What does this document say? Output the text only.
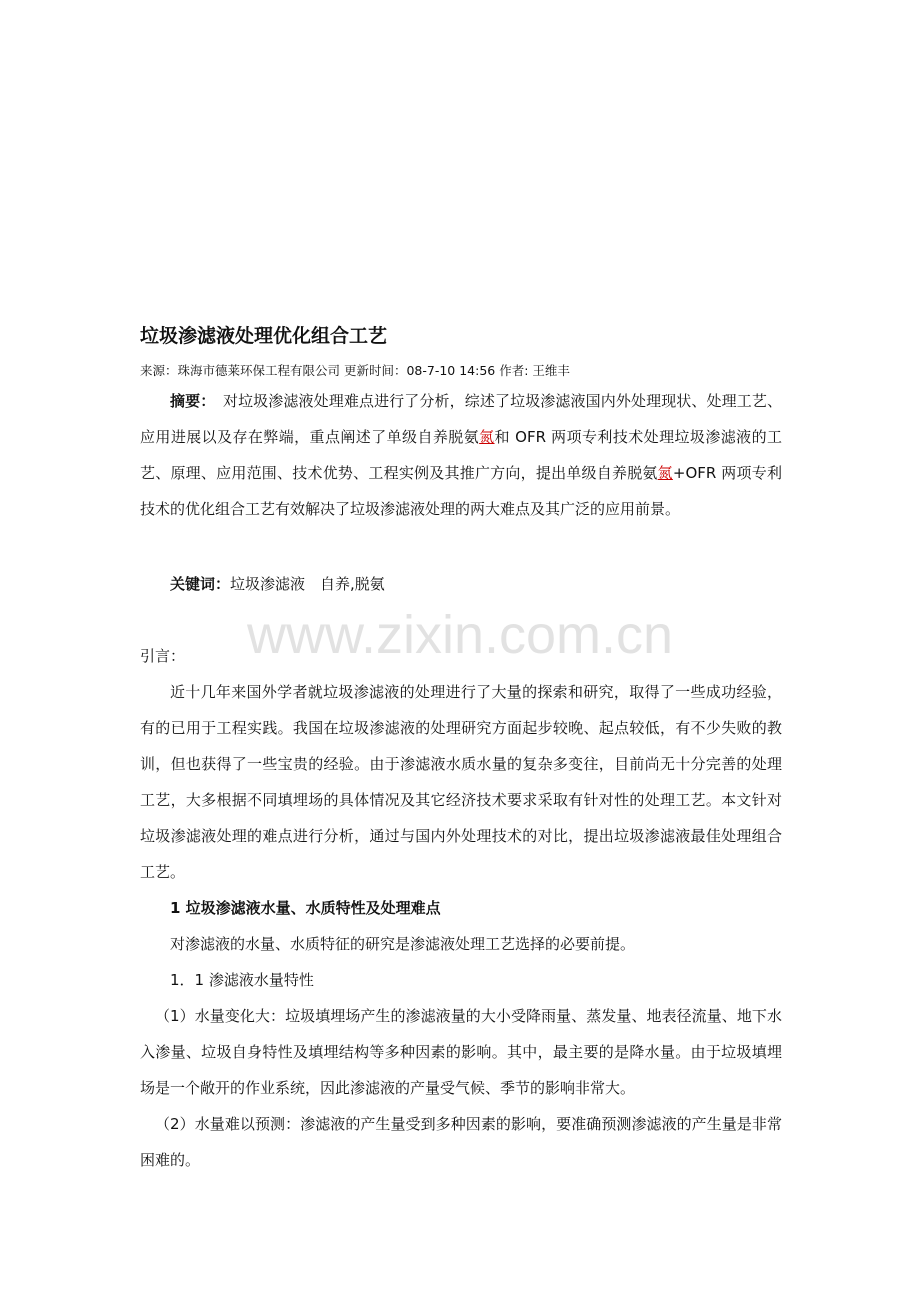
垃圾渗滤液处理优化组合工艺
来源：珠海市德莱环保工程有限公司 更新时间：08-7-10 14:56 作者: 王维丰
摘要：　对垃圾渗滤液处理难点进行了分析，综述了垃圾渗滤液国内外处理现状、处理工艺、应用进展以及存在弊端，重点阐述了单级自养脱氨氮和 OFR 两项专利技术处理垃圾渗滤液的工艺、原理、应用范围、技术优势、工程实例及其推广方向，提出单级自养脱氨氮+OFR 两项专利技术的优化组合工艺有效解决了垃圾渗滤液处理的两大难点及其广泛的应用前景。
关键词：垃圾渗滤液　自养,脱氨
www.zixin.com.cn
引言：
近十几年来国外学者就垃圾渗滤液的处理进行了大量的探索和研究，取得了一些成功经验，有的已用于工程实践。我国在垃圾渗滤液的处理研究方面起步较晚、起点较低，有不少失败的教训，但也获得了一些宝贵的经验。由于渗滤液水质水量的复杂多变往，目前尚无十分完善的处理工艺，大多根据不同填埋场的具体情况及其它经济技术要求采取有针对性的处理工艺。本文针对垃圾渗滤液处理的难点进行分析，通过与国内外处理技术的对比，提出垃圾渗滤液最佳处理组合工艺。
1 垃圾渗滤液水量、水质特性及处理难点
对渗滤液的水量、水质特征的研究是渗滤液处理工艺选择的必要前提。
1．1 渗滤液水量特性
（1）水量变化大：垃圾填埋场产生的渗滤液量的大小受降雨量、蒸发量、地表径流量、地下水入渗量、垃圾自身特性及填埋结构等多种因素的影响。其中，最主要的是降水量。由于垃圾填埋场是一个敞开的作业系统，因此渗滤液的产量受气候、季节的影响非常大。
（2）水量难以预测：渗滤液的产生量受到多种因素的影响，要准确预测渗滤液的产生量是非常困难的。
